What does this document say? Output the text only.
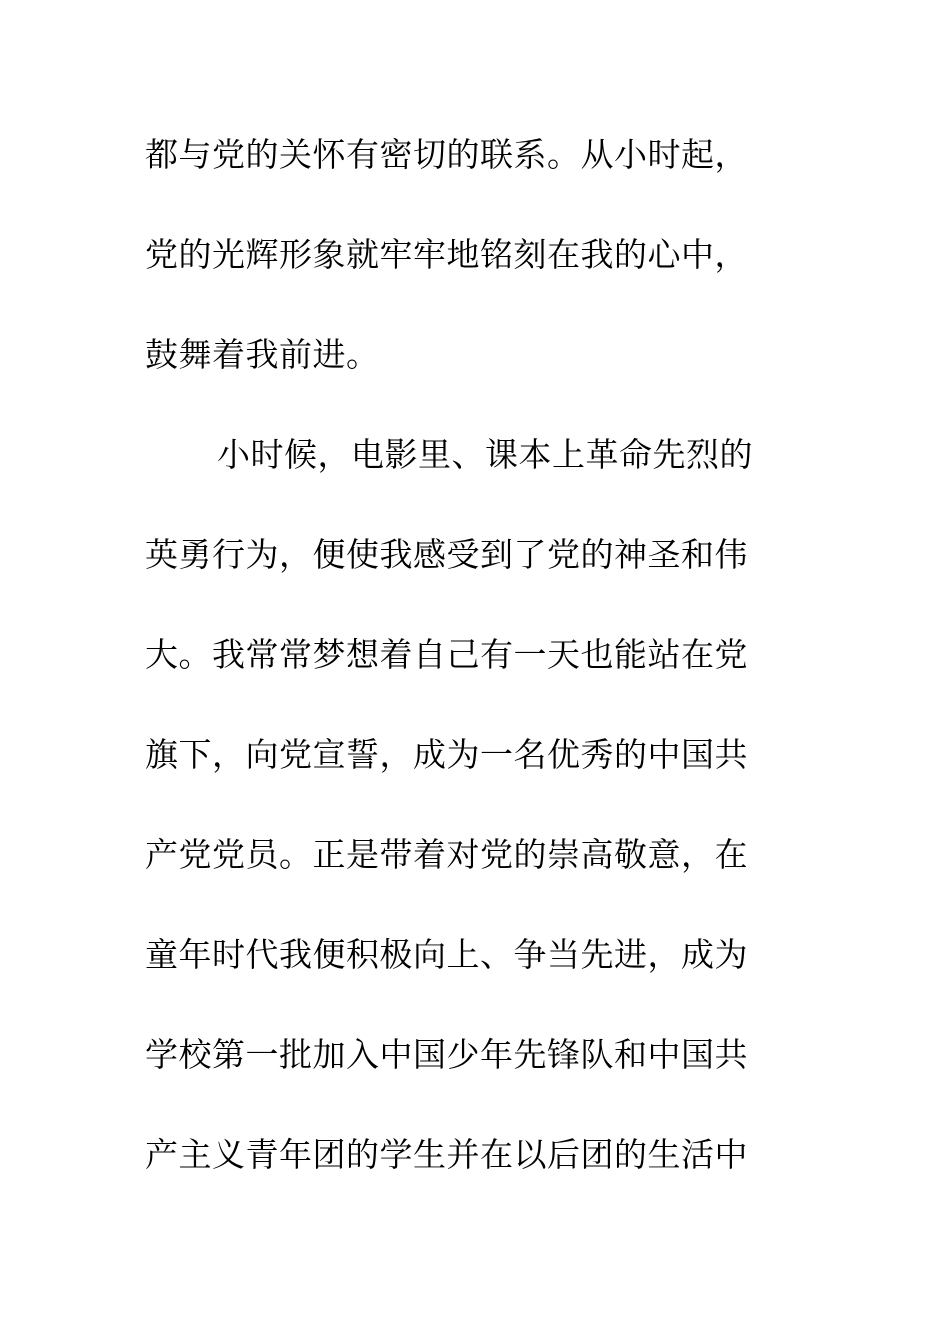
都与党的关怀有密切的联系。从小时起，
党的光辉形象就牢牢地铭刻在我的心中，
鼓舞着我前进。
小时候，电影里、课本上革命先烈的
英勇行为，便使我感受到了党的神圣和伟
大。我常常梦想着自己有一天也能站在党
旗下，向党宣誓，成为一名优秀的中国共
产党党员。正是带着对党的崇高敬意，在
童年时代我便积极向上、争当先进，成为
学校第一批加入中国少年先锋队和中国共
产主义青年团的学生并在以后团的生活中
